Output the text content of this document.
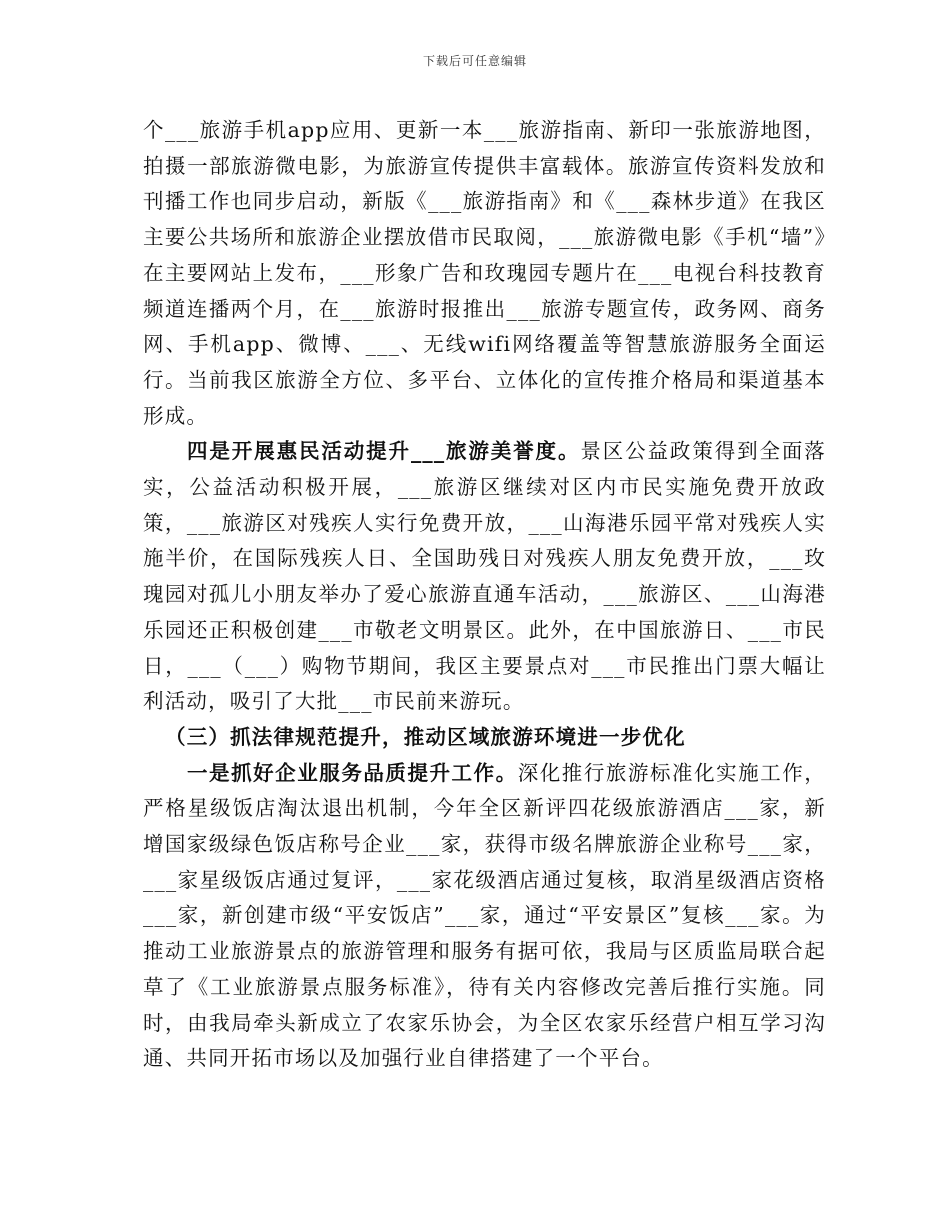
下载后可任意编辑

个___旅游手机app应用、更新一本___旅游指南、新印一张旅游地图，拍摄一部旅游微电影，为旅游宣传提供丰富载体。旅游宣传资料发放和刊播工作也同步启动，新版《___旅游指南》和《___森林步道》在我区主要公共场所和旅游企业摆放借市民取阅，___旅游微电影《手机“墙”》在主要网站上发布，___形象广告和玫瑰园专题片在___电视台科技教育频道连播两个月，在___旅游时报推出___旅游专题宣传，政务网、商务网、手机app、微博、___、无线wifi网络覆盖等智慧旅游服务全面运行。当前我区旅游全方位、多平台、立体化的宣传推介格局和渠道基本形成。

四是开展惠民活动提升___旅游美誉度。景区公益政策得到全面落实，公益活动积极开展，___旅游区继续对区内市民实施免费开放政策，___旅游区对残疾人实行免费开放，___山海港乐园平常对残疾人实施半价，在国际残疾人日、全国助残日对残疾人朋友免费开放，___玫瑰园对孤儿小朋友举办了爱心旅游直通车活动，___旅游区、___山海港乐园还正积极创建___市敬老文明景区。此外，在中国旅游日、___市民日，___（___）购物节期间，我区主要景点对___市民推出门票大幅让利活动，吸引了大批___市民前来游玩。

（三）抓法律规范提升，推动区域旅游环境进一步优化

一是抓好企业服务品质提升工作。深化推行旅游标准化实施工作，严格星级饭店淘汰退出机制，今年全区新评四花级旅游酒店___家，新增国家级绿色饭店称号企业___家，获得市级名牌旅游企业称号___家，___家星级饭店通过复评，___家花级酒店通过复核，取消星级酒店资格___家，新创建市级“平安饭店”___家，通过“平安景区”复核___家。为推动工业旅游景点的旅游管理和服务有据可依，我局与区质监局联合起草了《工业旅游景点服务标准》，待有关内容修改完善后推行实施。同时，由我局牵头新成立了农家乐协会，为全区农家乐经营户相互学习沟通、共同开拓市场以及加强行业自律搭建了一个平台。
